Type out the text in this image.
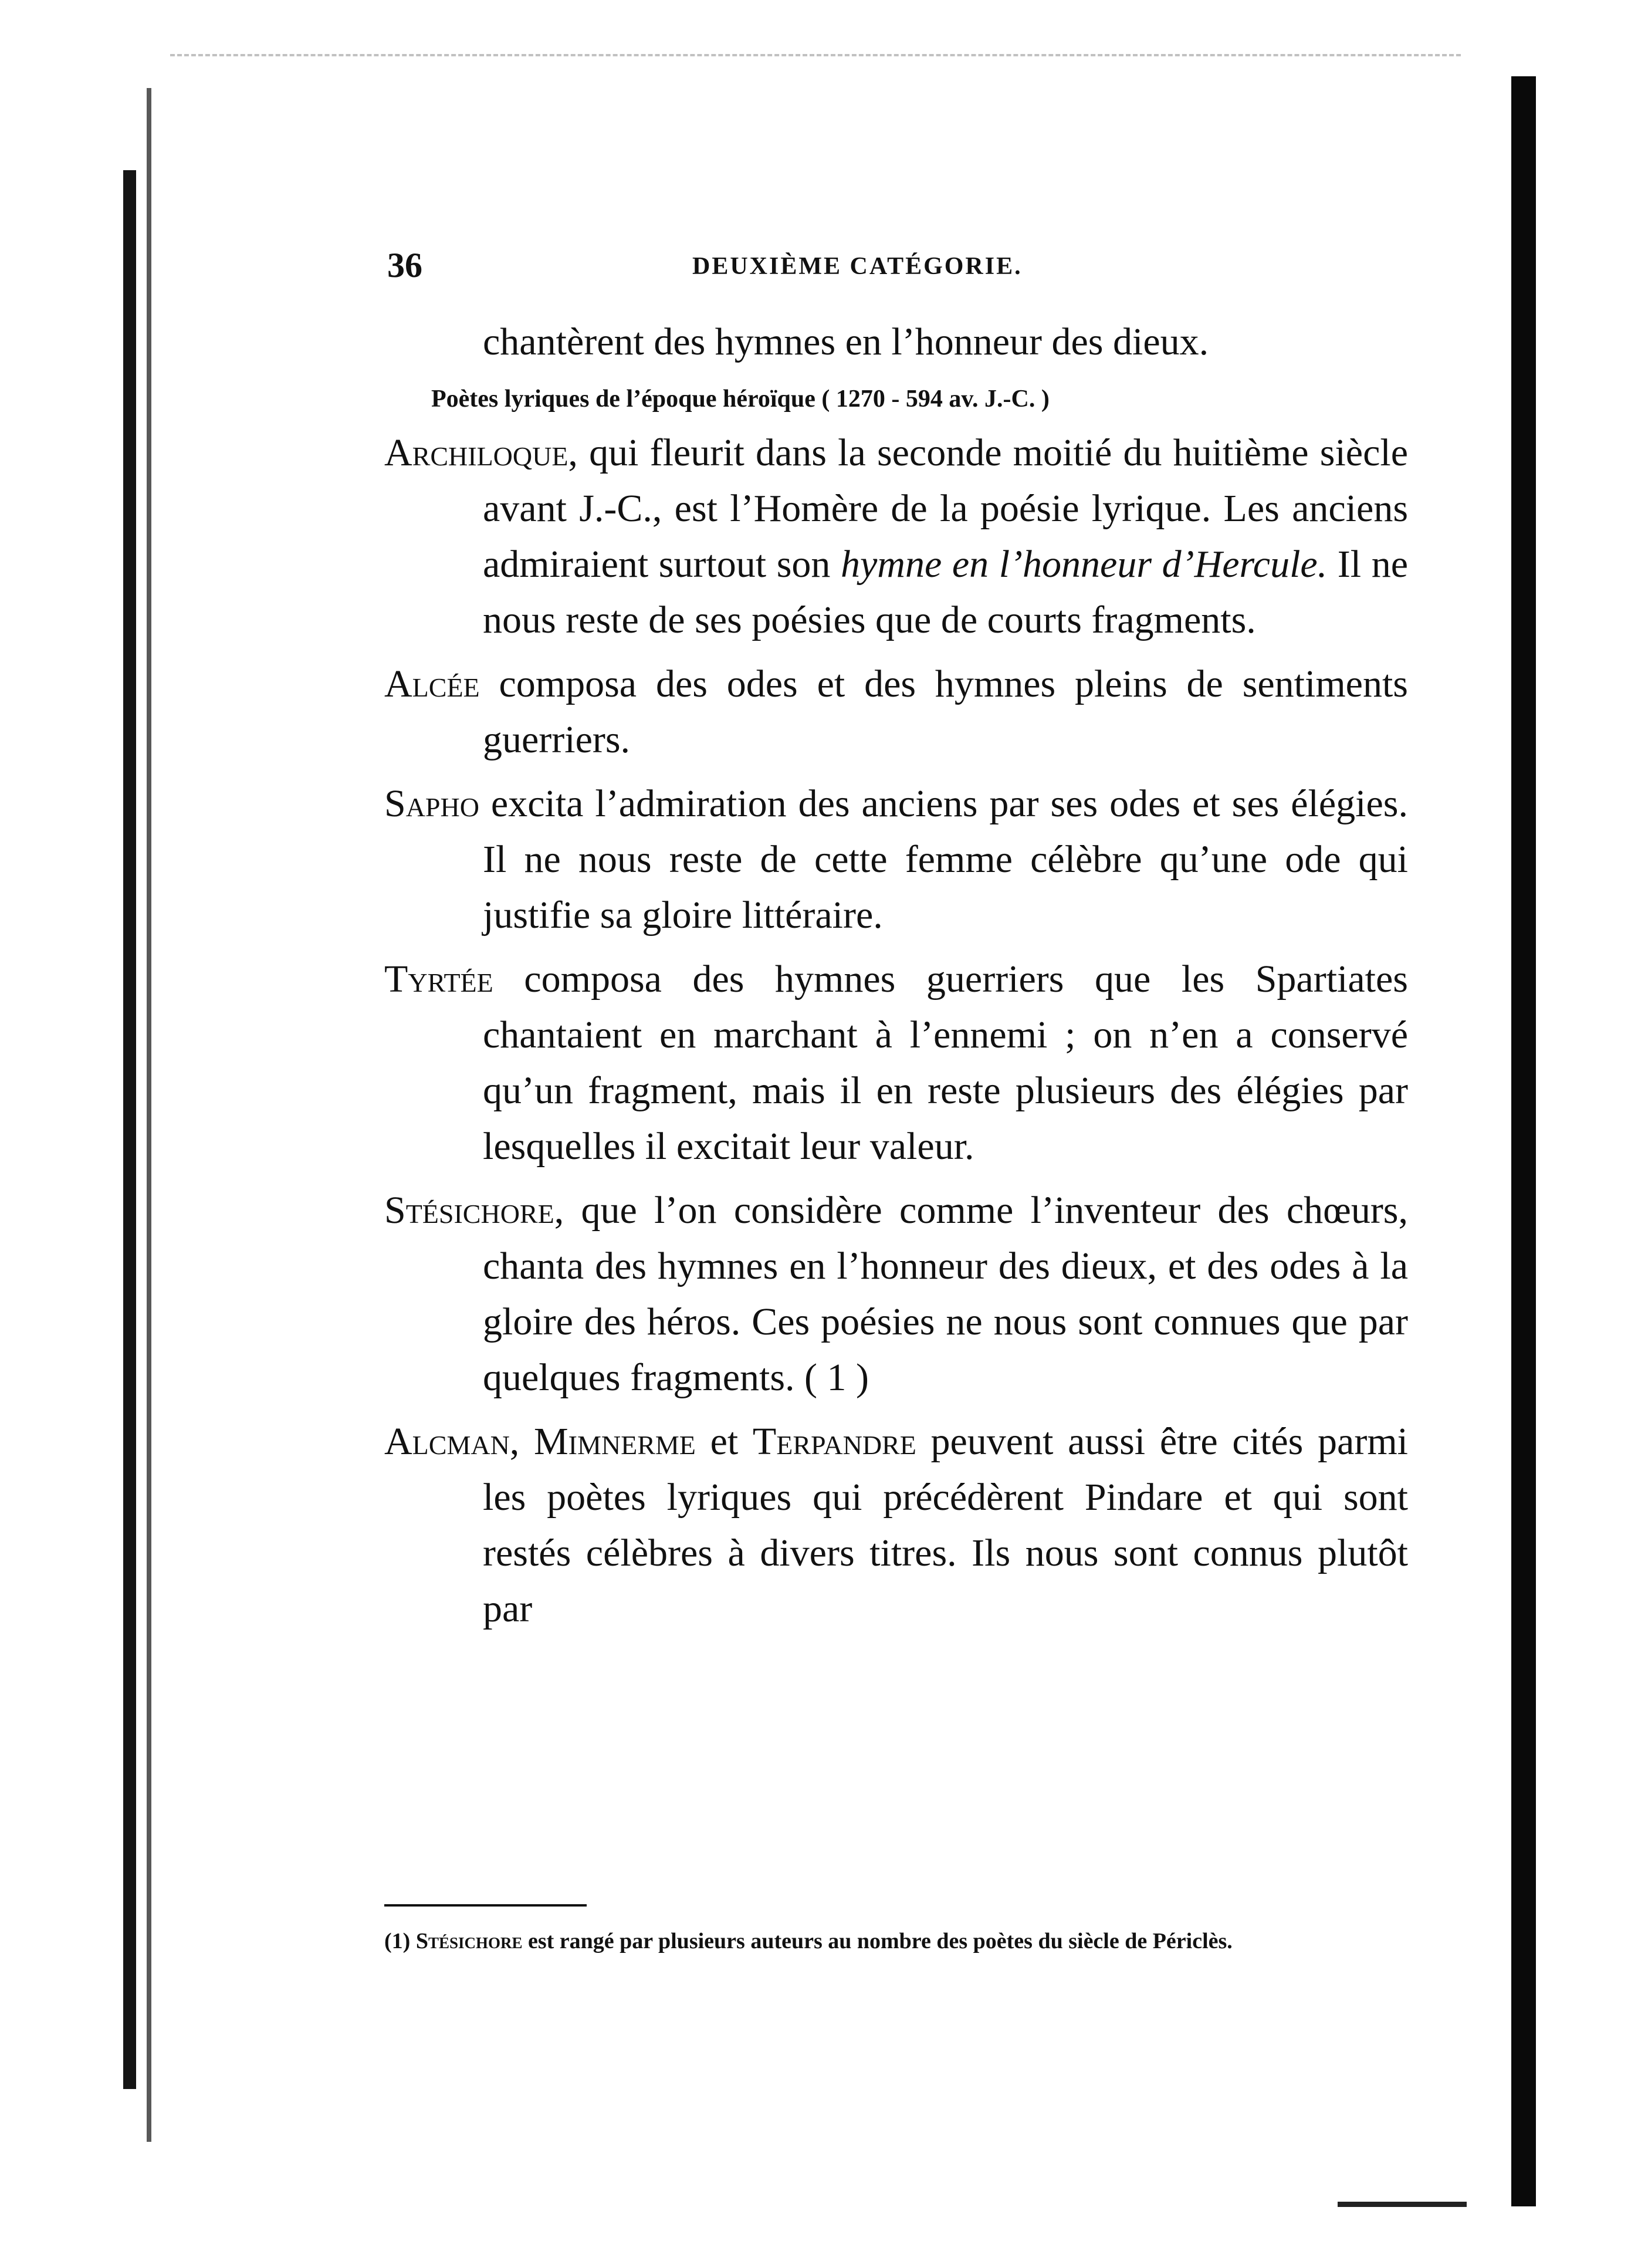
36	DEUXIÈME CATÉGORIE.

chantèrent des hymnes en l’honneur des dieux.

Poètes lyriques de l’époque héroïque ( 1270 - 594 av. J.-C. )

Archiloque, qui fleurit dans la seconde moitié du huitième siècle avant J.-C., est l’Homère de la poésie lyrique. Les anciens admiraient surtout son hymne en l’honneur d’Hercule. Il ne nous reste de ses poésies que de courts fragments.

Alcée composa des odes et des hymnes pleins de sentiments guerriers.

Sapho excita l’admiration des anciens par ses odes et ses élégies. Il ne nous reste de cette femme célèbre qu’une ode qui justifie sa gloire littéraire.

Tyrtée composa des hymnes guerriers que les Spartiates chantaient en marchant à l’ennemi ; on n’en a conservé qu’un fragment, mais il en reste plusieurs des élégies par lesquelles il excitait leur valeur.

Stésichore, que l’on considère comme l’inventeur des chœurs, chanta des hymnes en l’honneur des dieux, et des odes à la gloire des héros. Ces poésies ne nous sont connues que par quelques fragments. ( 1 )

Alcman, Mimnerme et Terpandre peuvent aussi être cités parmi les poètes lyriques qui précédèrent Pindare et qui sont restés célèbres à divers titres. Ils nous sont connus plutôt par

(1) Stésichore est rangé par plusieurs auteurs au nombre des poètes du siècle de Périclès.
